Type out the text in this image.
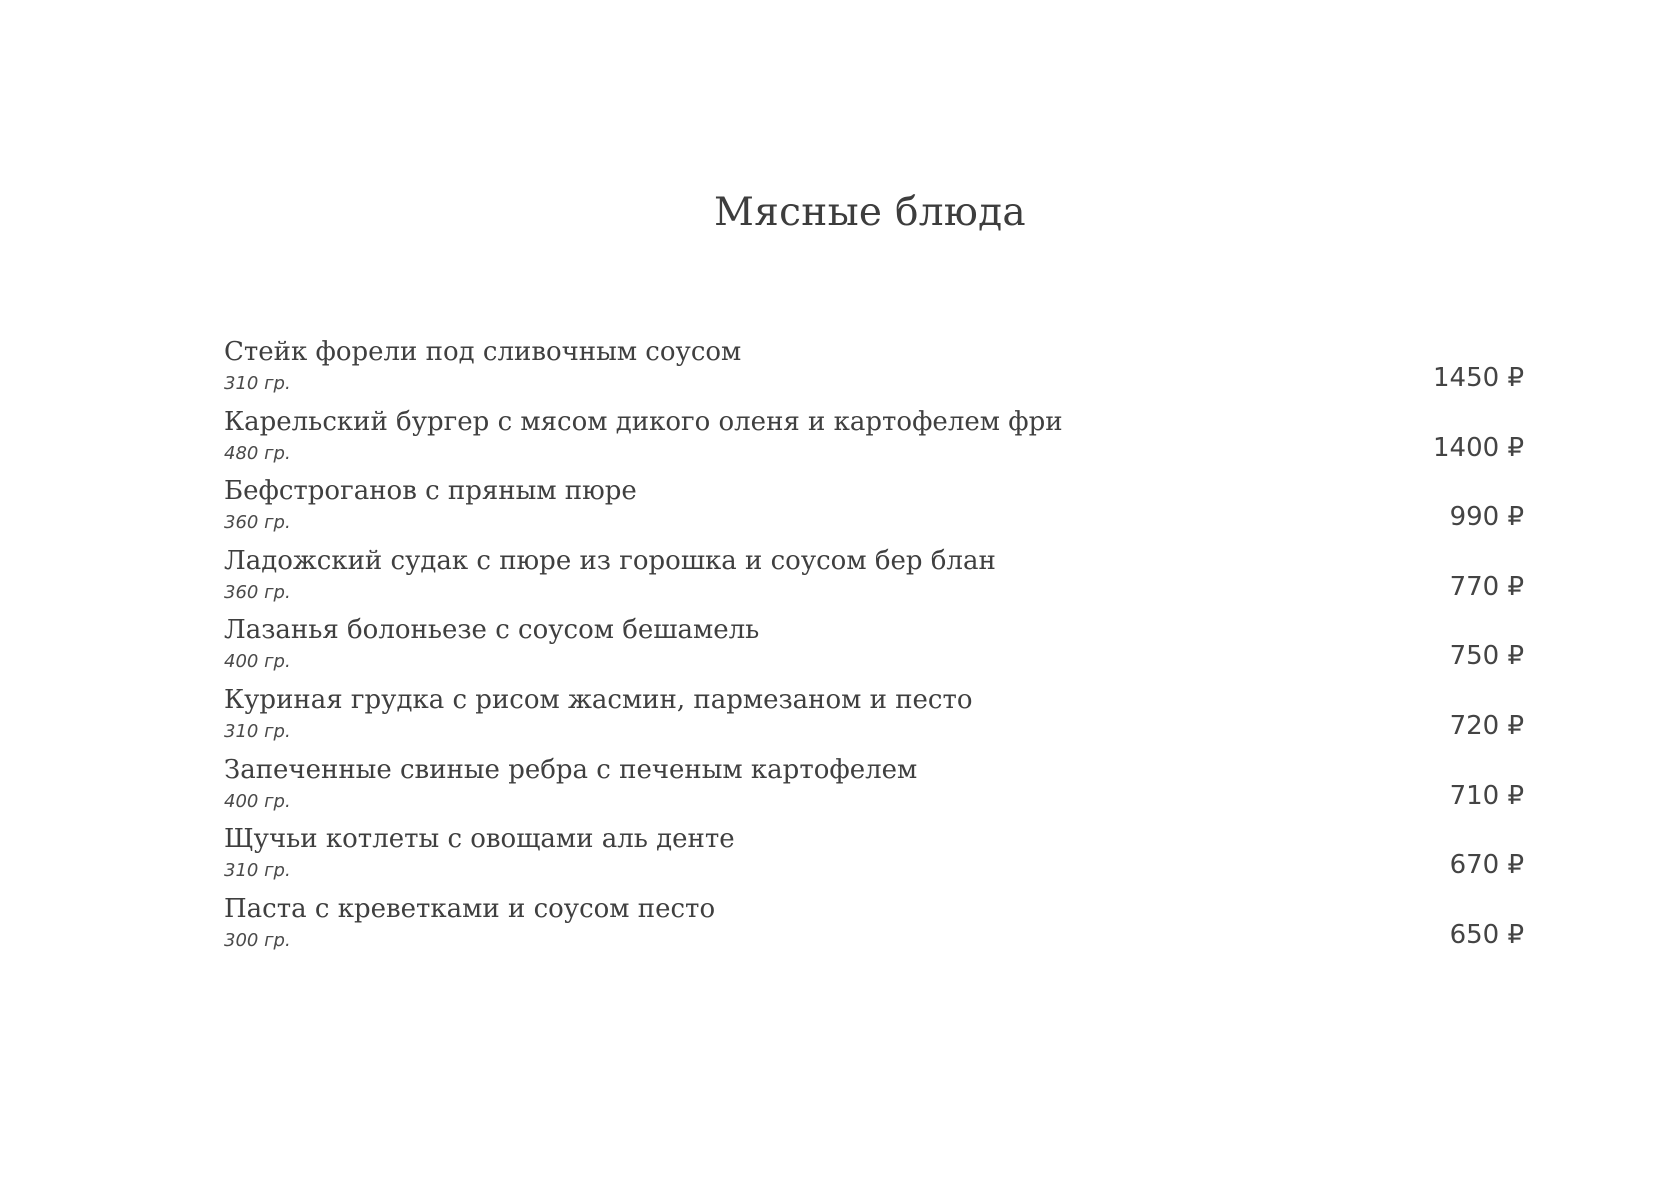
Мясные блюда
Стейк форели под сливочным соусом
310 гр.	1450 ₽
Карельский бургер с мясом дикого оленя и картофелем фри
480 гр.	1400 ₽
Бефстроганов с пряным пюре
360 гр.	990 ₽
Ладожский судак с пюре из горошка и соусом бер блан
360 гр.	770 ₽
Лазанья болоньезе с соусом бешамель
400 гр.	750 ₽
Куриная грудка с рисом жасмин, пармезаном и песто
310 гр.	720 ₽
Запеченные свиные ребра с печеным картофелем
400 гр.	710 ₽
Щучьи котлеты с овощами аль денте
310 гр.	670 ₽
Паста с креветками и соусом песто
300 гр.	650 ₽
